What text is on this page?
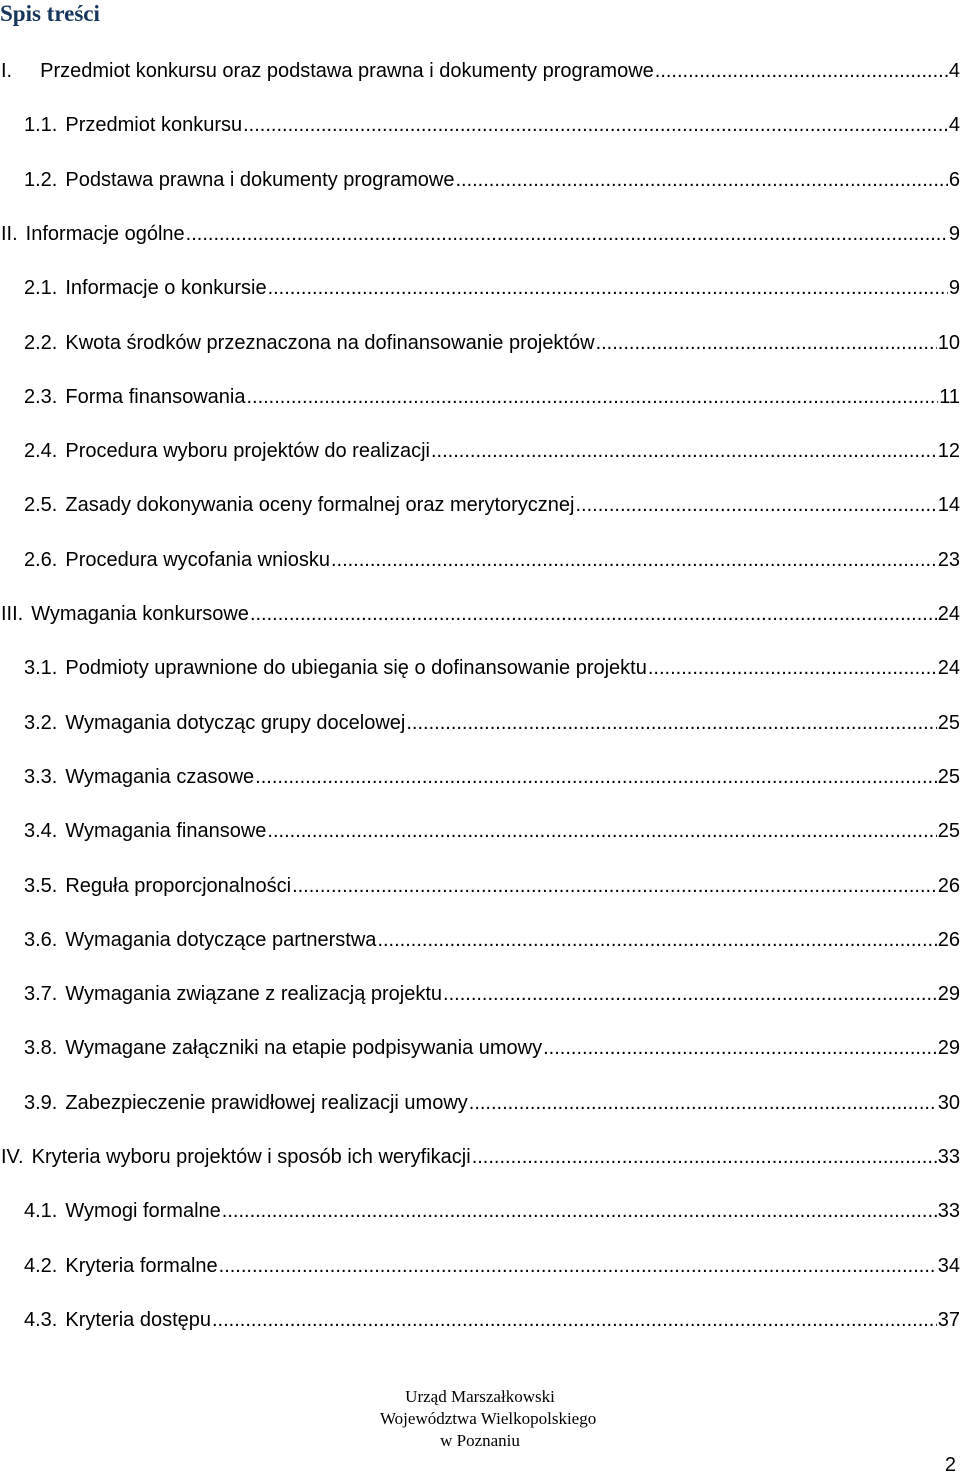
Spis treści
I. Przedmiot konkursu oraz podstawa prawna i dokumenty programowe .....	4
1.1. Przedmiot konkursu .....	4
1.2. Podstawa prawna i dokumenty programowe .....	6
II. Informacje ogólne .....	9
2.1. Informacje o konkursie .....	9
2.2. Kwota środków przeznaczona na dofinansowanie projektów .....	10
2.3. Forma finansowania .....	11
2.4. Procedura wyboru projektów do realizacji .....	12
2.5. Zasady dokonywania oceny formalnej oraz merytorycznej .....	14
2.6. Procedura wycofania wniosku .....	23
III. Wymagania konkursowe .....	24
3.1. Podmioty uprawnione do ubiegania się o dofinansowanie projektu .....	24
3.2. Wymagania dotycząc grupy docelowej .....	25
3.3. Wymagania czasowe .....	25
3.4. Wymagania finansowe .....	25
3.5. Reguła proporcjonalności .....	26
3.6. Wymagania dotyczące partnerstwa .....	26
3.7. Wymagania związane z realizacją projektu .....	29
3.8. Wymagane załączniki na etapie podpisywania umowy .....	29
3.9. Zabezpieczenie prawidłowej realizacji umowy .....	30
IV. Kryteria wyboru projektów i sposób ich weryfikacji .....	33
4.1. Wymogi formalne .....	33
4.2. Kryteria formalne .....	34
4.3. Kryteria dostępu .....	37
Urząd Marszałkowski
Województwa Wielkopolskiego
w Poznaniu
2
